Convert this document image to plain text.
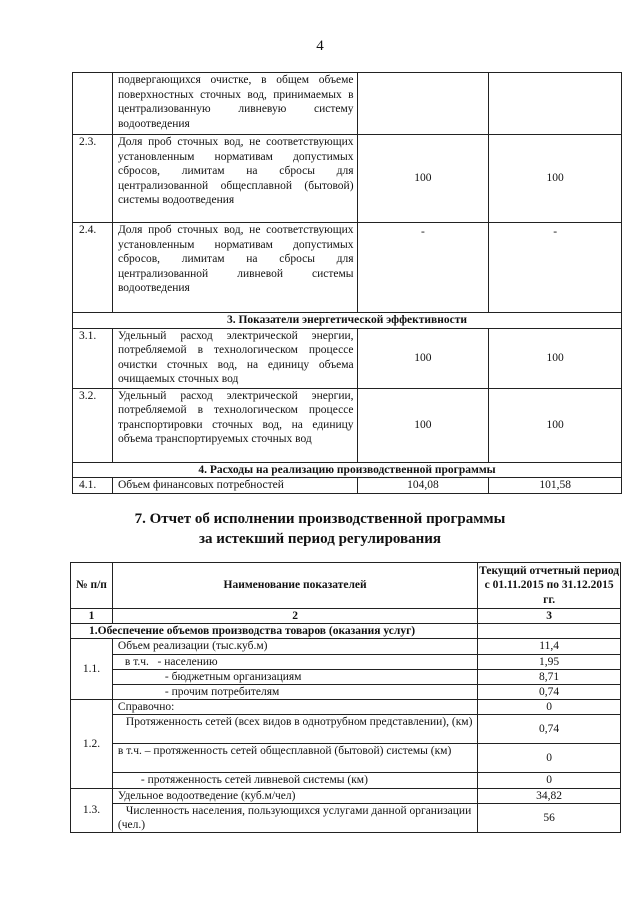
4
	подвергающихся очистке, в общем объеме поверхностных сточных вод, принимаемых в централизованную ливневую систему водоотведения		
2.3.	Доля проб сточных вод, не соответствующих установленным нормативам допустимых сбросов, лимитам на сбросы для централизованной общесплавной (бытовой) системы водоотведения	100	100
2.4.	Доля проб сточных вод, не соответствующих установленным нормативам допустимых сбросов, лимитам на сбросы для централизованной ливневой системы водоотведения	-	-
3. Показатели энергетической эффективности			
3.1.	Удельный расход электрической энергии, потребляемой в технологическом процессе очистки сточных вод, на единицу объема очищаемых сточных вод	100	100
3.2.	Удельный расход электрической энергии, потребляемой в технологическом процессе транспортировки сточных вод, на единицу объема транспортируемых сточных вод	100	100
4. Расходы на реализацию производственной программы			
4.1.	Объем финансовых потребностей	104,08	101,58
7. Отчет об исполнении производственной программы
за истекший период регулирования
№ п/п	Наименование показателей	Текущий отчетный период с 01.11.2015 по 31.12.2015 гг.
1	2	3
1.Обеспечение объемов производства товаров (оказания услуг)		
1.1.	Объем реализации (тыс.куб.м)	11,4
	в т.ч.   - населению	1,95
	- бюджетным организациям	8,71
	- прочим потребителям	0,74
1.2.	Справочно:	0
	Протяженность сетей (всех видов в однотрубном представлении), (км)	0,74
	в т.ч. – протяженность сетей общесплавной (бытовой) системы (км)	0
	- протяженность сетей ливневой системы (км)	0
1.3.	Удельное водоотведение (куб.м/чел)	34,82
	Численность населения, пользующихся услугами данной организации (чел.)	56
